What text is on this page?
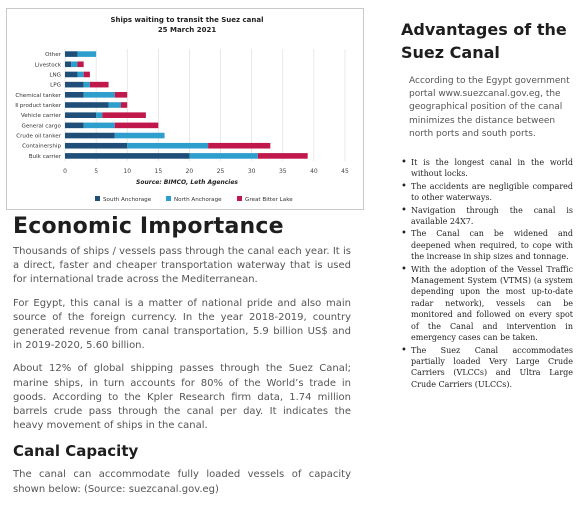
Ships waiting to transit the Suez canal
25 March 2021
Other
Livestock
LNG
LPG
Chemical tanker
Ⅱ product tanker
Vehicle carrier
General cargo
Crude oil tanker
Containership
Bulk carrier
0	5	10	15	20	25	30	35	40	45
Source: BIMCO, Leth Agencies
South Anchorage	North Anchorage	Great Bitter Lake
Economic Importance

Thousands of ships / vessels pass through the canal each year. It is a direct, faster and cheaper transportation waterway that is used for international trade across the Mediterranean.

For Egypt, this canal is a matter of national pride and also main source of the foreign currency. In the year 2018-2019, country generated revenue from canal transportation, 5.9 billion US$ and in 2019-2020, 5.60 billion.

About 12% of global shipping passes through the Suez Canal; marine ships, in turn accounts for 80% of the World’s trade in goods. According to the Kpler Research firm data, 1.74 million barrels crude pass through the canal per day. It indicates the heavy movement of ships in the canal.

Canal Capacity

The canal can accommodate fully loaded vessels of capacity shown below: (Source: suezcanal.gov.eg)

Advantages of the Suez Canal

According to the Egypt government portal www.suezcanal.gov.eg, the geographical position of the canal minimizes the distance between north ports and south ports.

• It is the longest canal in the world without locks.
• The accidents are negligible compared to other waterways.
• Navigation through the canal is available 24X7.
• The Canal can be widened and deepened when required, to cope with the increase in ship sizes and tonnage.
• With the adoption of the Vessel Traffic Management System (VTMS) (a system depending upon the most up-to-date radar network), vessels can be monitored and followed on every spot of the Canal and intervention in emergency cases can be taken.
• The Suez Canal accommodates partially loaded Very Large Crude Carriers (VLCCs) and Ultra Large Crude Carriers (ULCCs).
